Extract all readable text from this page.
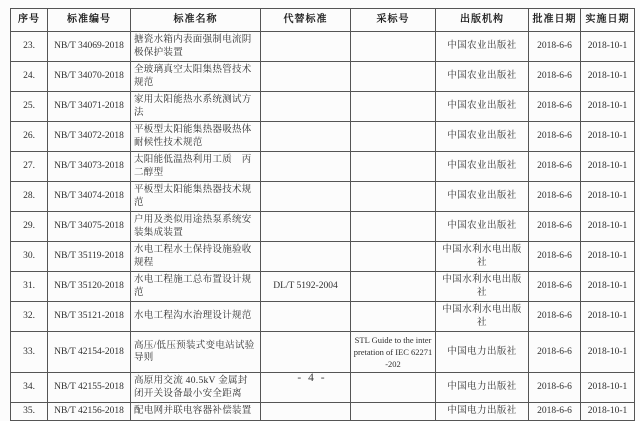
序号	标准编号	标准名称	代替标准	采标号	出版机构	批准日期	实施日期
23.	NB/T 34069-2018	搪瓷水箱内表面强制电流阴极保护装置			中国农业出版社	2018-6-6	2018-10-1
24.	NB/T 34070-2018	全玻璃真空太阳集热管技术规范			中国农业出版社	2018-6-6	2018-10-1
25.	NB/T 34071-2018	家用太阳能热水系统测试方法			中国农业出版社	2018-6-6	2018-10-1
26.	NB/T 34072-2018	平板型太阳能集热器吸热体耐候性技术规范			中国农业出版社	2018-6-6	2018-10-1
27.	NB/T 34073-2018	太阳能低温热利用工质　丙二醇型			中国农业出版社	2018-6-6	2018-10-1
28.	NB/T 34074-2018	平板型太阳能集热器技术规范			中国农业出版社	2018-6-6	2018-10-1
29.	NB/T 34075-2018	户用及类似用途热泵系统安装集成装置			中国农业出版社	2018-6-6	2018-10-1
30.	NB/T 35119-2018	水电工程水土保持设施验收规程			中国水利水电出版社	2018-6-6	2018-10-1
31.	NB/T 35120-2018	水电工程施工总布置设计规范	DL/T 5192-2004		中国水利水电出版社	2018-6-6	2018-10-1
32.	NB/T 35121-2018	水电工程沟水治理设计规范			中国水利水电出版社	2018-6-6	2018-10-1
33.	NB/T 42154-2018	高压/低压预装式变电站试验导则		STL Guide to the interpretation of IEC 62271-202	中国电力出版社	2018-6-6	2018-10-1
34.	NB/T 42155-2018	高原用交流 40.5kV 金属封闭开关设备最小安全距离			中国电力出版社	2018-6-6	2018-10-1
35.	NB/T 42156-2018	配电网并联电容器补偿装置			中国电力出版社	2018-6-6	2018-10-1
- 4 -
